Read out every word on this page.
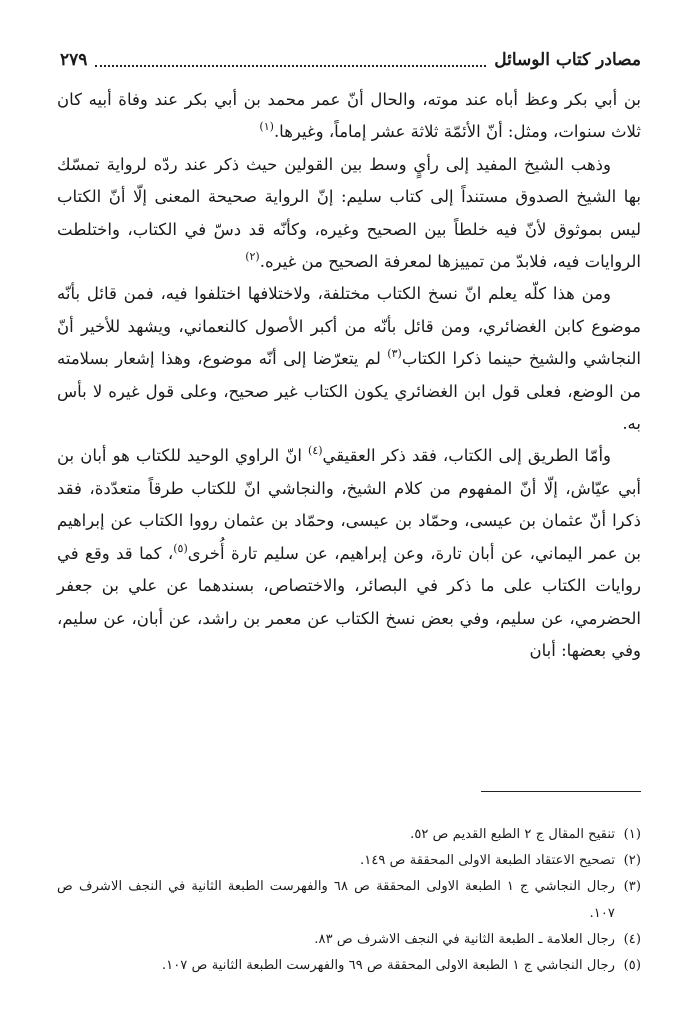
مصادر كتاب الوسائل
٢٧٩

بن أبي بكر وعظ أباه عند موته، والحال أنّ عمر محمد بن أبي بكر عند وفاة أبيه كان ثلاث سنوات، ومثل: أنّ الأئمّة ثلاثة عشر إماماً، وغيرها.$^{(١)}$

وذهب الشيخ المفيد إلى رأيٍ وسط بين القولين حيث ذكر عند ردّه لرواية تمسّك بها الشيخ الصدوق مستنداً إلى كتاب سليم: إنّ الرواية صحيحة المعنى إلّا أنّ الكتاب ليس بموثوق لأنّ فيه خلطاً بين الصحيح وغيره، وكأنّه قد دسّ في الكتاب، واختلطت الروايات فيه، فلابدّ من تمييزها لمعرفة الصحيح من غيره.$^{(٢)}$

ومن هذا كلّه يعلم انّ نسخ الكتاب مختلفة، ولاختلافها اختلفوا فيه، فمن قائل بأنّه موضوع كابن الغضائري، ومن قائل بأنّه من أكبر الأصول كالنعماني، ويشهد للأخير أنّ النجاشي والشيخ حينما ذكرا الكتاب$^{(٣)}$ لم يتعرّضا إلى أنّه موضوع، وهذا إشعار بسلامته من الوضع، فعلى قول ابن الغضائري يكون الكتاب غير صحيح، وعلى قول غيره لا بأس به.

وأمّا الطريق إلى الكتاب، فقد ذكر العقيقي$^{(٤)}$ انّ الراوي الوحيد للكتاب هو أبان بن أبي عيّاش، إلّا أنّ المفهوم من كلام الشيخ، والنجاشي انّ للكتاب طرقاً متعدّدة، فقد ذكرا أنّ عثمان بن عيسى، وحمّاد بن عيسى، وحمّاد بن عثمان رووا الكتاب عن إبراهيم بن عمر اليماني، عن أبان تارة، وعن إبراهيم، عن سليم تارة أُخرى$^{(٥)}$، كما قد وقع في روايات الكتاب على ما ذكر في البصائر، والاختصاص، بسندهما عن علي بن جعفر الحضرمي، عن سليم، وفي بعض نسخ الكتاب عن معمر بن راشد، عن أبان، عن سليم، وفي بعضها: أبان

(١)
تنقيح المقال ج ٢ الطبع القديم ص ٥٢.
(٢)
تصحيح الاعتقاد الطبعة الاولى المحققة ص ١٤٩.
(٣)
رجال النجاشي ج ١ الطبعة الاولى المحققة ص ٦٨ والفهرست الطبعة الثانية في النجف الاشرف ص ١٠٧.
(٤)
رجال العلامة ـ الطبعة الثانية في النجف الاشرف ص ٨٣.
(٥)
رجال النجاشي ج ١ الطبعة الاولى المحققة ص ٦٩ والفهرست الطبعة الثانية ص ١٠٧.
